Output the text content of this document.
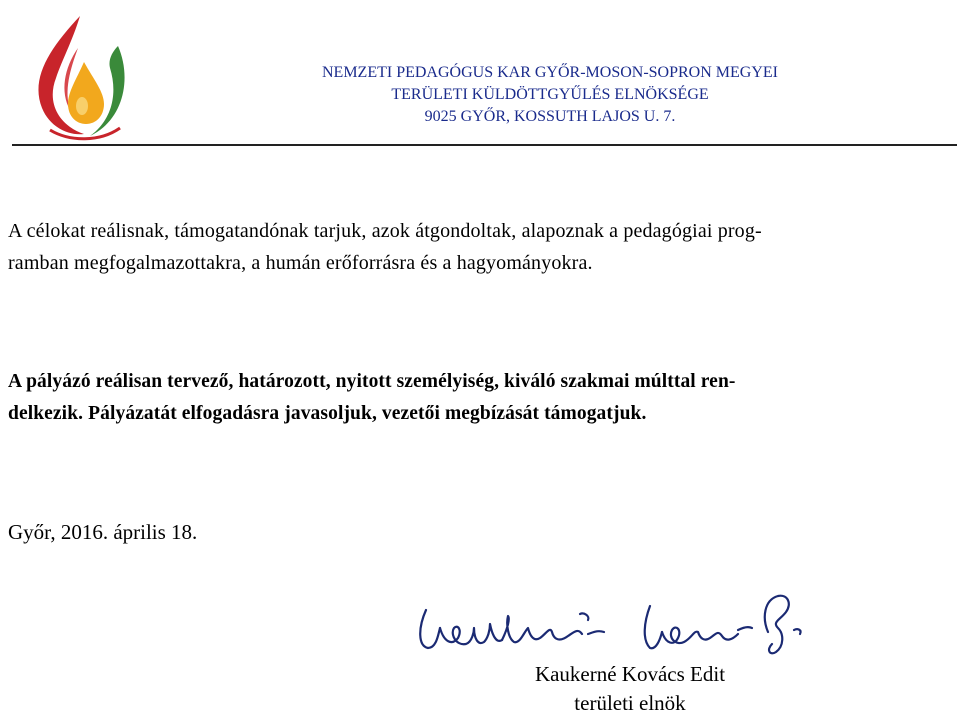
NEMZETI PEDAGÓGUS KAR GYŐR-MOSON-SOPRON MEGYEI
TERÜLETI KÜLDÖTTGYŰLÉS ELNÖKSÉGE
9025 GYŐR, KOSSUTH LAJOS U. 7.
A célokat reálisnak, támogatandónak tarjuk, azok átgondoltak, alapoznak a pedagógiai prog-
ramban megfogalmazottakra, a humán erőforrásra és a hagyományokra.
A pályázó reálisan tervező, határozott, nyitott személyiség, kiváló szakmai múlttal ren-
delkezik. Pályázatát elfogadásra javasoljuk, vezetői megbízását támogatjuk.
Győr, 2016. április 18.
Kaukerné Kovács Edit
területi elnök
